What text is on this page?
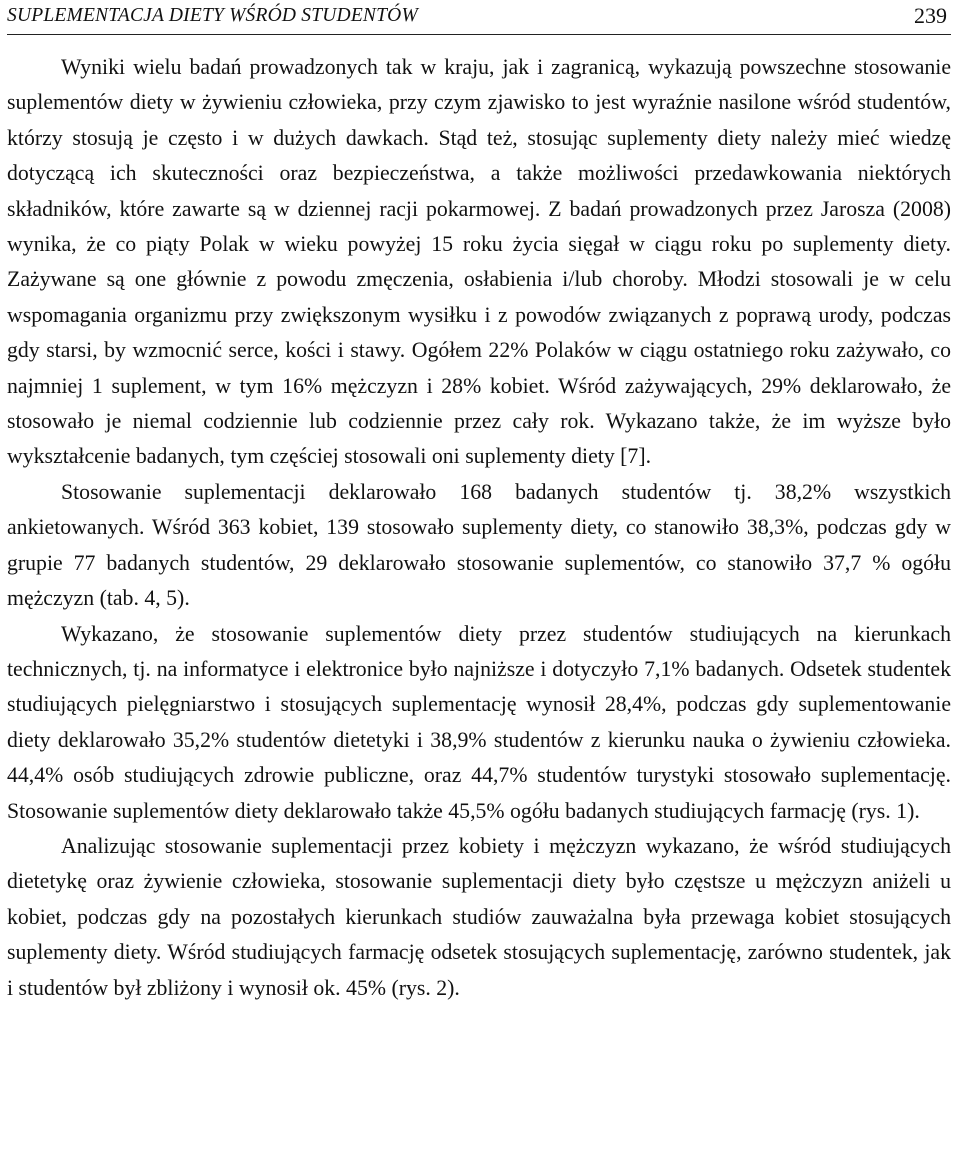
SUPLEMENTACJA DIETY WŚRÓD STUDENTÓW	239

Wyniki wielu badań prowadzonych tak w kraju, jak i zagranicą, wykazują powszechne stosowanie suplementów diety w żywieniu człowieka, przy czym zjawisko to jest wyraźnie nasilone wśród studentów, którzy stosują je często i w dużych dawkach. Stąd też, stosując suplementy diety należy mieć wiedzę dotyczącą ich skuteczności oraz bezpieczeństwa, a także możliwości przedawkowania niektórych składników, które zawarte są w dziennej racji pokarmowej. Z badań prowadzonych przez Jarosza (2008) wynika, że co piąty Polak w wieku powyżej 15 roku życia sięgał w ciągu roku po suplementy diety. Zażywane są one głównie z powodu zmęczenia, osłabienia i/lub choroby. Młodzi stosowali je w celu wspomagania organizmu przy zwiększonym wysiłku i z powodów związanych z poprawą urody, podczas gdy starsi, by wzmocnić serce, kości i stawy. Ogółem 22% Polaków w ciągu ostatniego roku zażywało, co najmniej 1 suplement, w tym 16% mężczyzn i 28% kobiet. Wśród zażywających, 29% deklarowało, że stosowało je niemal codziennie lub codziennie przez cały rok. Wykazano także, że im wyższe było wykształcenie badanych, tym częściej stosowali oni suplementy diety [7].

Stosowanie suplementacji deklarowało 168 badanych studentów tj. 38,2% wszystkich ankietowanych. Wśród 363 kobiet, 139 stosowało suplementy diety, co stanowiło 38,3%, podczas gdy w grupie 77 badanych studentów, 29 deklarowało stosowanie suplementów, co stanowiło 37,7 % ogółu mężczyzn (tab. 4, 5).

Wykazano, że stosowanie suplementów diety przez studentów studiujących na kierunkach technicznych, tj. na informatyce i elektronice było najniższe i dotyczyło 7,1% badanych. Odsetek studentek studiujących pielęgniarstwo i stosujących suplementację wynosił 28,4%, podczas gdy suplementowanie diety deklarowało 35,2% studentów dietetyki i 38,9% studentów z kierunku nauka o żywieniu człowieka. 44,4% osób studiujących zdrowie publiczne, oraz 44,7% studentów turystyki stosowało suplementację. Stosowanie suplementów diety deklarowało także 45,5% ogółu badanych studiujących farmację (rys. 1).

Analizując stosowanie suplementacji przez kobiety i mężczyzn wykazano, że wśród studiujących dietetykę oraz żywienie człowieka, stosowanie suplementacji diety było częstsze u mężczyzn aniżeli u kobiet, podczas gdy na pozostałych kierunkach studiów zauważalna była przewaga kobiet stosujących suplementy diety. Wśród studiujących farmację odsetek stosujących suplementację, zarówno studentek, jak i studentów był zbliżony i wynosił ok. 45% (rys. 2).
